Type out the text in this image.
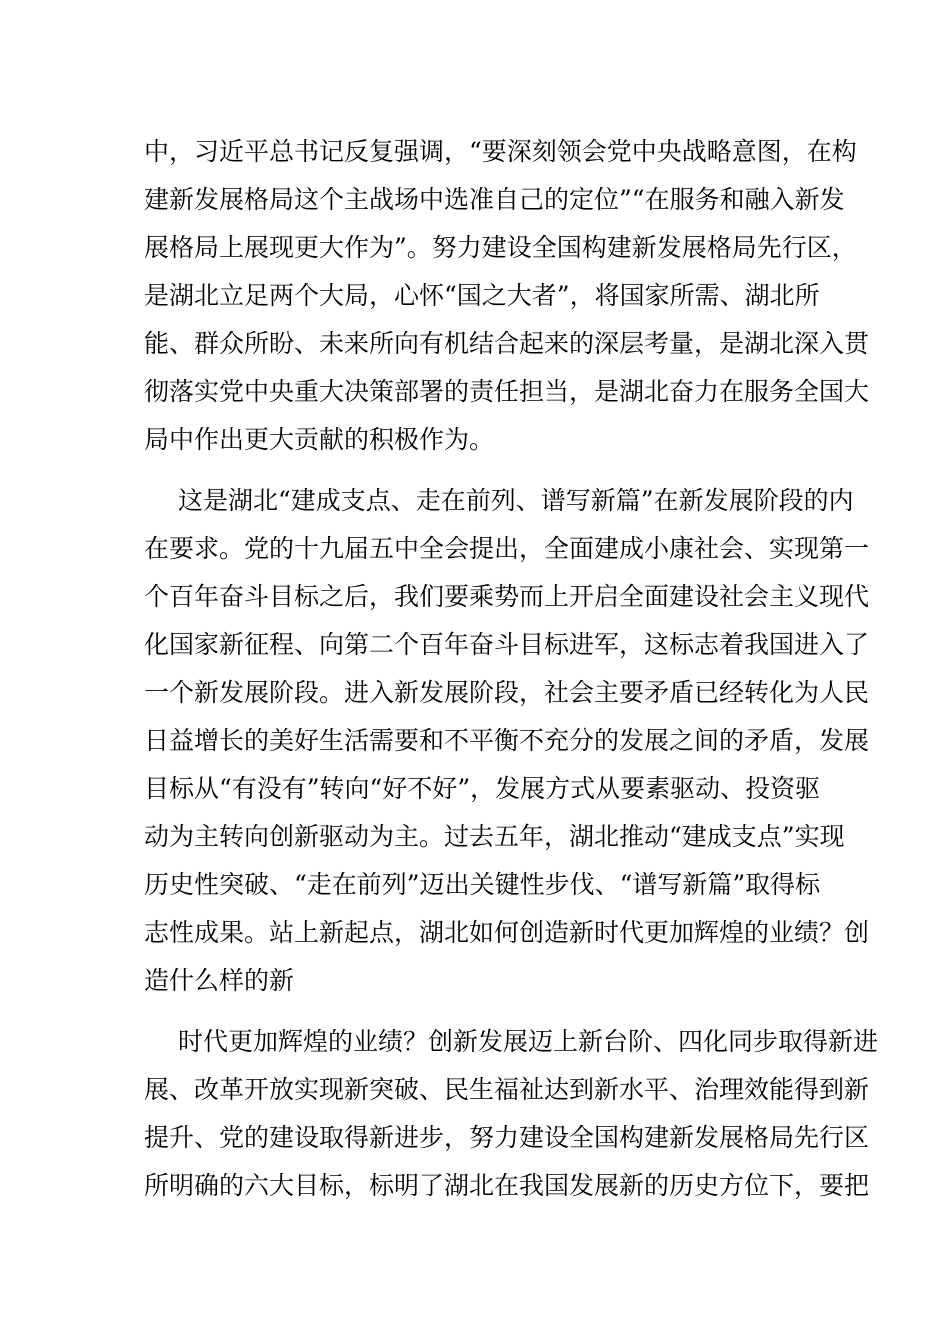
中，习近平总书记反复强调，“要深刻领会党中央战略意图，在构
建新发展格局这个主战场中选准自己的定位”“在服务和融入新发
展格局上展现更大作为”。努力建设全国构建新发展格局先行区，
是湖北立足两个大局，心怀“国之大者”，将国家所需、湖北所
能、群众所盼、未来所向有机结合起来的深层考量，是湖北深入贯
彻落实党中央重大决策部署的责任担当，是湖北奋力在服务全国大
局中作出更大贡献的积极作为。
这是湖北“建成支点、走在前列、谱写新篇”在新发展阶段的内
在要求。党的十九届五中全会提出，全面建成小康社会、实现第一
个百年奋斗目标之后，我们要乘势而上开启全面建设社会主义现代
化国家新征程、向第二个百年奋斗目标进军，这标志着我国进入了
一个新发展阶段。进入新发展阶段，社会主要矛盾已经转化为人民
日益增长的美好生活需要和不平衡不充分的发展之间的矛盾，发展
目标从“有没有”转向“好不好”，发展方式从要素驱动、投资驱
动为主转向创新驱动为主。过去五年，湖北推动“建成支点”实现
历史性突破、“走在前列”迈出关键性步伐、“谱写新篇”取得标
志性成果。站上新起点，湖北如何创造新时代更加辉煌的业绩？创
造什么样的新
时代更加辉煌的业绩？创新发展迈上新台阶、四化同步取得新进
展、改革开放实现新突破、民生福祉达到新水平、治理效能得到新
提升、党的建设取得新进步，努力建设全国构建新发展格局先行区
所明确的六大目标，标明了湖北在我国发展新的历史方位下，要把
